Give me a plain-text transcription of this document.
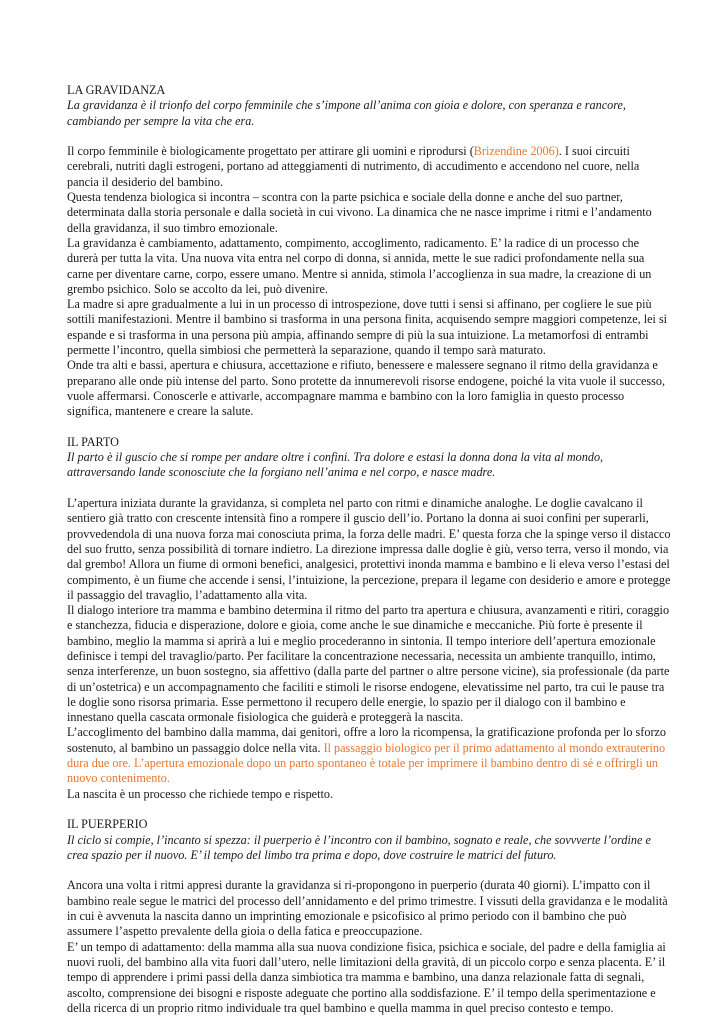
LA GRAVIDANZA
La gravidanza è il trionfo del corpo femminile che s’impone all’anima con gioia e dolore, con speranza e rancore, cambiando per sempre la vita che era.

Il corpo femminile è biologicamente progettato per attirare gli uomini e riprodursi (Brizendine 2006). I suoi circuiti cerebrali, nutriti dagli estrogeni, portano ad atteggiamenti di nutrimento, di accudimento e accendono nel cuore, nella pancia il desiderio del bambino.

Questa tendenza biologica si incontra – scontra con la parte psichica e sociale della donne e anche del suo partner, determinata dalla storia personale e dalla società in cui vivono. La dinamica che ne nasce imprime i ritmi e l’andamento della gravidanza, il suo timbro emozionale.

La gravidanza è cambiamento, adattamento, compimento, accoglimento, radicamento. E’ la radice di un processo che durerà per tutta la vita. Una nuova vita entra nel corpo di donna, si annida, mette le sue radici profondamente nella sua carne per diventare carne, corpo, essere umano. Mentre si annida, stimola l’accoglienza in sua madre, la creazione di un grembo psichico. Solo se accolto da lei, può divenire.

La madre si apre gradualmente a lui in un processo di introspezione, dove tutti i sensi si affinano, per cogliere le sue più sottili manifestazioni. Mentre il bambino si trasforma in una persona finita, acquisendo sempre maggiori competenze, lei si espande e si trasforma in una persona più ampia, affinando sempre di più la sua intuizione. La metamorfosi di entrambi permette l’incontro, quella simbiosi che permetterà la separazione, quando il tempo sarà maturato.

Onde tra alti e bassi, apertura e chiusura, accettazione e rifiuto, benessere e malessere segnano il ritmo della gravidanza e preparano alle onde più intense del parto. Sono protette da innumerevoli risorse endogene, poiché la vita vuole il successo, vuole affermarsi. Conoscerle e attivarle, accompagnare mamma e bambino con la loro famiglia in questo processo significa, mantenere e creare la salute.

IL PARTO
Il parto è il guscio che si rompe per andare oltre i confini. Tra dolore e estasi la donna dona la vita al mondo, attraversando lande sconosciute che la forgiano nell’anima e nel corpo, e nasce madre.

L’apertura iniziata durante la gravidanza, si completa nel parto con ritmi e dinamiche analoghe. Le doglie cavalcano il sentiero già tratto con crescente intensità fino a rompere il guscio dell’io. Portano la donna ai suoi confini per superarli, provvedendola di una nuova forza mai conosciuta prima, la forza delle madri. E’ questa forza che la spinge verso il distacco del suo frutto, senza possibilità di tornare indietro. La direzione impressa dalle doglie è giù, verso terra, verso il mondo, via dal grembo! Allora un fiume di ormoni benefici, analgesici, protettivi inonda mamma e bambino e li eleva verso l’estasi del compimento, è un fiume che accende i sensi, l’intuizione, la percezione, prepara il legame con desiderio e amore e protegge il passaggio del travaglio, l’adattamento alla vita.

Il dialogo interiore tra mamma e bambino determina il ritmo del parto tra apertura e chiusura, avanzamenti e ritiri, coraggio e stanchezza, fiducia e disperazione, dolore e gioia, come anche le sue dinamiche e meccaniche. Più forte è presente il bambino, meglio la mamma si aprirà a lui e meglio procederanno in sintonia. Il tempo interiore dell’apertura emozionale definisce i tempi del travaglio/parto. Per facilitare la concentrazione necessaria, necessita un ambiente tranquillo, intimo, senza interferenze, un buon sostegno, sia affettivo (dalla parte del partner o altre persone vicine), sia professionale (da parte di un’ostetrica) e un accompagnamento che faciliti e stimoli le risorse endogene, elevatissime nel parto, tra cui le pause tra le doglie sono risorsa primaria. Esse permettono il recupero delle energie, lo spazio per il dialogo con il bambino e innestano quella cascata ormonale fisiologica che guiderà e proteggerà la nascita.

L’accoglimento del bambino dalla mamma, dai genitori, offre a loro la ricompensa, la gratificazione profonda per lo sforzo sostenuto, al bambino un passaggio dolce nella vita. Il passaggio biologico per il primo adattamento al mondo extrauterino dura due ore. L’apertura emozionale dopo un parto spontaneo è totale per imprimere il bambino dentro di sé e offrirgli un nuovo contenimento.

La nascita è un processo che richiede tempo e rispetto.

IL PUERPERIO
Il ciclo si compie, l’incanto si spezza: il puerperio è l’incontro con il bambino, sognato e reale, che sovvverte l’ordine e crea spazio per il nuovo. E’ il tempo del limbo tra prima e dopo, dove costruire le matrici del futuro.

Ancora una volta i ritmi appresi durante la gravidanza si ri-propongono in puerperio (durata 40 giorni). L’impatto con il bambino reale segue le matrici del processo dell’annidamento e del primo trimestre. I vissuti della gravidanza e le modalità in cui è avvenuta la nascita danno un imprinting emozionale e psicofisico al primo periodo con il bambino che può assumere l’aspetto prevalente della gioia o della fatica e preoccupazione.

E’ un tempo di adattamento: della mamma alla sua nuova condizione fisica, psichica e sociale, del padre e della famiglia ai nuovi ruoli, del bambino alla vita fuori dall’utero, nelle limitazioni della gravità, di un piccolo corpo e senza placenta. E’ il tempo di apprendere i primi passi della danza simbiotica tra mamma e bambino, una danza relazionale fatta di segnali, ascolto, comprensione dei bisogni e risposte adeguate che portino alla soddisfazione. E’ il tempo della sperimentazione e della ricerca di un proprio ritmo individuale tra quel bambino e quella mamma in quel preciso contesto e tempo.
